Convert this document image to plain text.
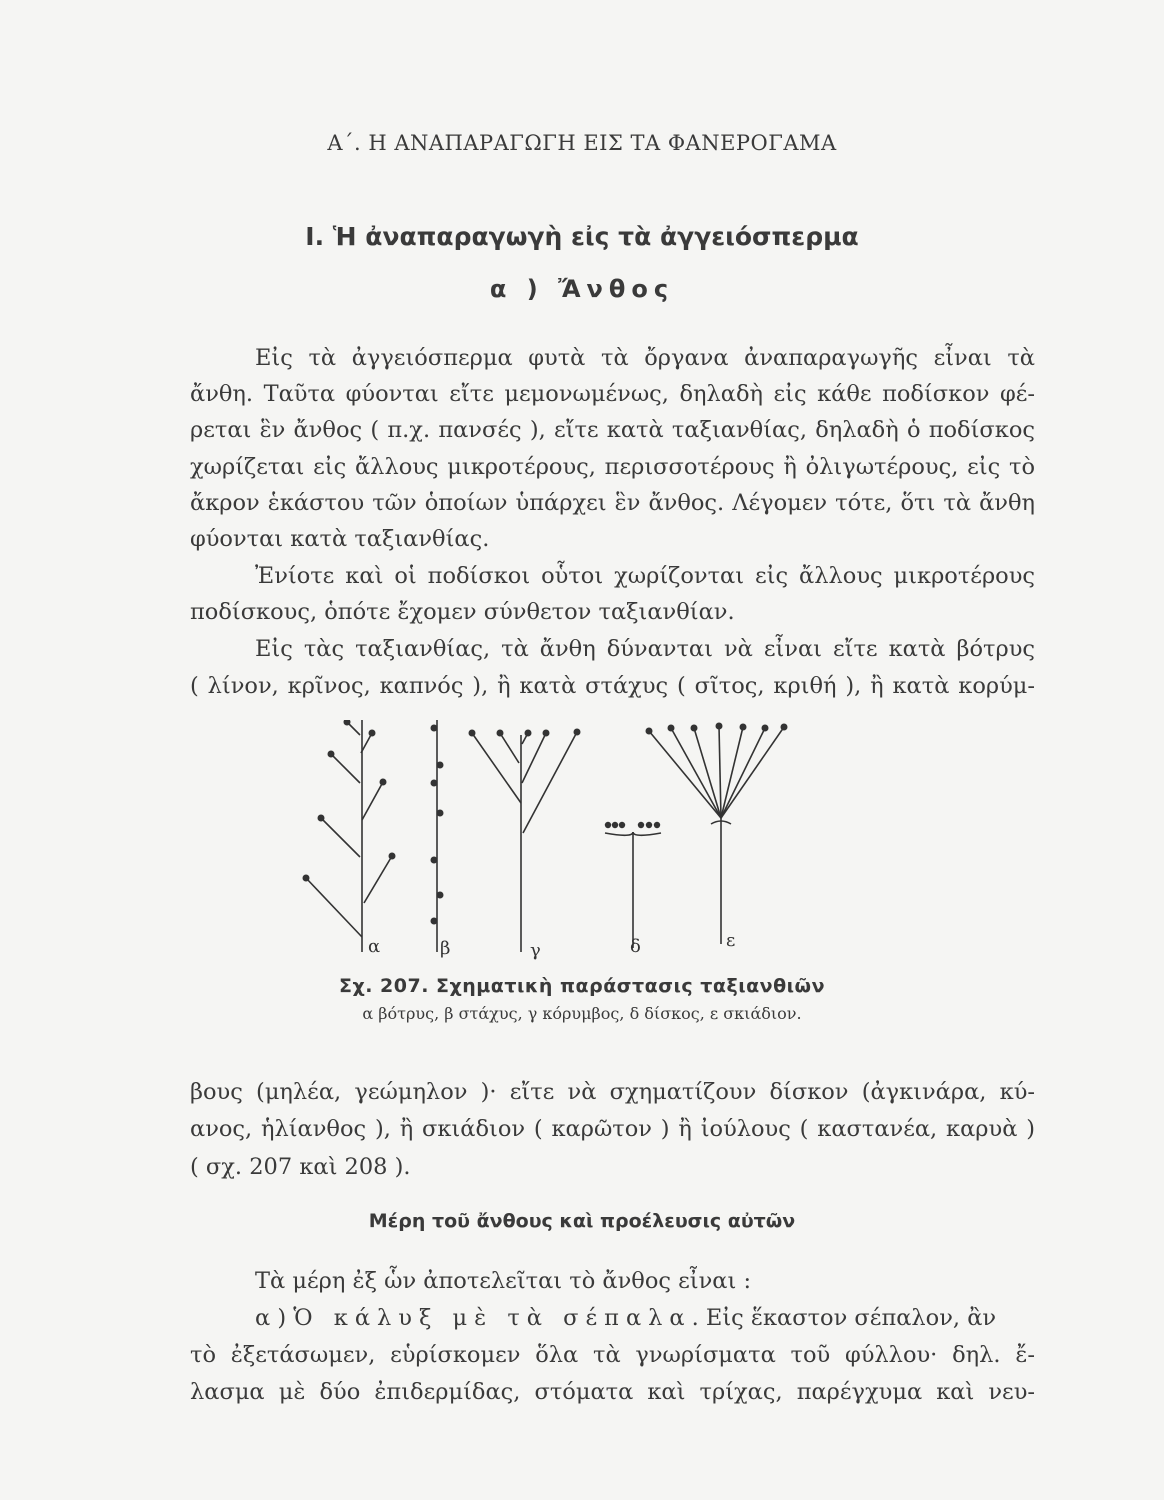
Α΄. Η ΑΝΑΠΑΡΑΓΩΓΗ ΕΙΣ ΤΑ ΦΑΝΕΡΟΓΑΜΑ
I. Ἡ ἀναπαραγωγὴ εἰς τὰ ἀγγειόσπερμα
α ) Ἄνθος
Εἰς τὰ ἀγγειόσπερμα φυτὰ τὰ ὄργανα ἀναπαραγωγῆς εἶναι τὰ
ἄνθη. Ταῦτα φύονται εἴτε μεμονωμένως, δηλαδὴ εἰς κάθε ποδίσκον φέ-
ρεται ἓν ἄνθος ( π.χ. πανσές ), εἴτε κατὰ ταξιανθίας, δηλαδὴ ὁ ποδίσκος
χωρίζεται εἰς ἄλλους μικροτέρους, περισσοτέρους ἢ ὀλιγωτέρους, εἰς τὸ
ἄκρον ἑκάστου τῶν ὁποίων ὑπάρχει ἓν ἄνθος. Λέγομεν τότε, ὅτι τὰ ἄνθη
φύονται κατὰ ταξιανθίας.
Ἐνίοτε καὶ οἱ ποδίσκοι οὗτοι χωρίζονται εἰς ἄλλους μικροτέρους
ποδίσκους, ὁπότε ἔχομεν σύνθετον ταξιανθίαν.
Εἰς τὰς ταξιανθίας, τὰ ἄνθη δύνανται νὰ εἶναι εἴτε κατὰ βότρυς
( λίνον, κρῖνος, καπνός ), ἢ κατὰ στάχυς ( σῖτος, κριθή ), ἢ κατὰ κορύμ-
α	β	γ	δ	ε
Σχ. 207. Σχηματικὴ παράστασις ταξιανθιῶν
α βότρυς, β στάχυς, γ κόρυμβος, δ δίσκος, ε σκιάδιον.
βους (μηλέα, γεώμηλον )· εἴτε νὰ σχηματίζουν δίσκον (ἀγκινάρα, κύ-
ανος, ἡλίανθος ), ἢ σκιάδιον ( καρῶτον ) ἢ ἰούλους ( καστανέα, καρυὰ )
( σχ. 207 καὶ 208 ).
Μέρη τοῦ ἄνθους καὶ προέλευσις αὐτῶν
Τὰ μέρη ἐξ ὧν ἀποτελεῖται τὸ ἄνθος εἶναι :
α ) Ὁ κάλυξ μὲ τὰ σέπαλα. Εἰς ἕκαστον σέπαλον, ἂν
τὸ ἐξετάσωμεν, εὑρίσκομεν ὅλα τὰ γνωρίσματα τοῦ φύλλου· δηλ. ἔ-
λασμα μὲ δύο ἐπιδερμίδας, στόματα καὶ τρίχας, παρέγχυμα καὶ νευ-
